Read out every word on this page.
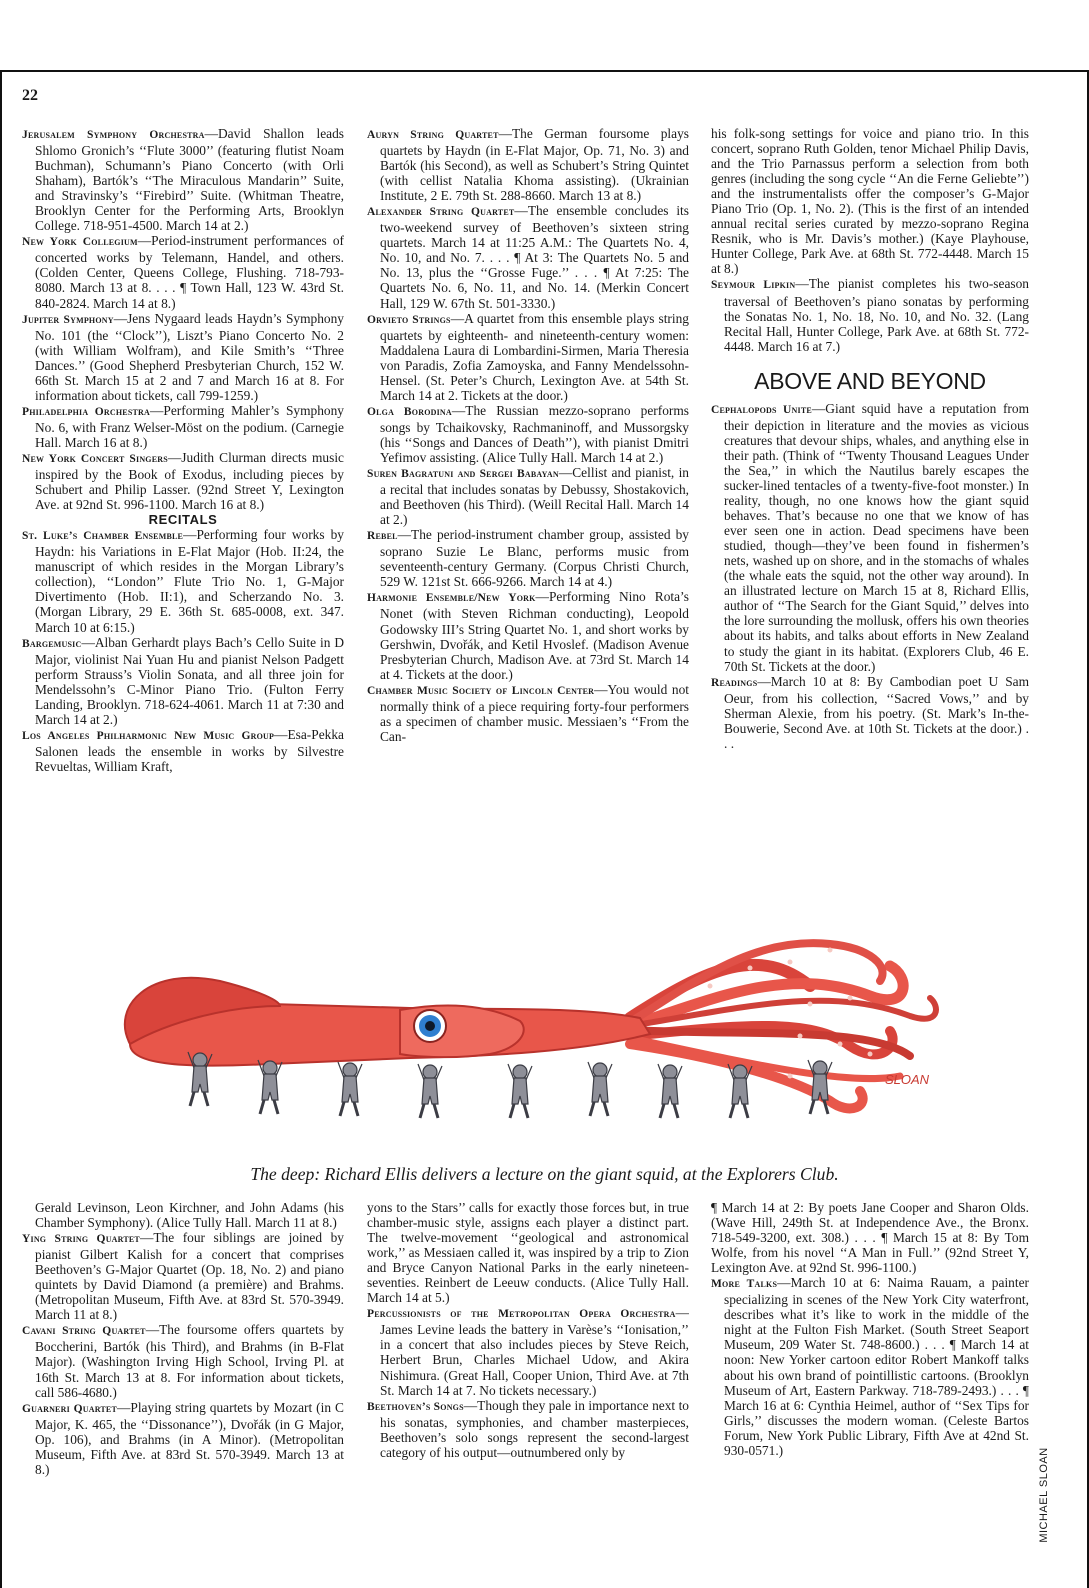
22

Jerusalem Symphony Orchestra—David Shallon leads Shlomo Gronich’s ‘‘Flute 3000’’ (featuring flutist Noam Buchman), Schumann’s Piano Concerto (with Orli Shaham), Bartók’s ‘‘The Miraculous Mandarin’’ Suite, and Stravinsky’s ‘‘Firebird’’ Suite. (Whitman Theatre, Brooklyn Center for the Performing Arts, Brooklyn College. 718-951-4500. March 14 at 2.)

New York Collegium—Period-instrument performances of concerted works by Telemann, Handel, and others. (Colden Center, Queens College, Flushing. 718-793-8080. March 13 at 8. . . . ¶ Town Hall, 123 W. 43rd St. 840-2824. March 14 at 8.)

Jupiter Symphony—Jens Nygaard leads Haydn’s Symphony No. 101 (the ‘‘Clock’’), Liszt’s Piano Concerto No. 2 (with William Wolfram), and Kile Smith’s ‘‘Three Dances.’’ (Good Shepherd Presbyterian Church, 152 W. 66th St. March 15 at 2 and 7 and March 16 at 8. For information about tickets, call 799-1259.)

Philadelphia Orchestra—Performing Mahler’s Symphony No. 6, with Franz Welser-Möst on the podium. (Carnegie Hall. March 16 at 8.)

New York Concert Singers—Judith Clurman directs music inspired by the Book of Exodus, including pieces by Schubert and Philip Lasser. (92nd Street Y, Lexington Ave. at 92nd St. 996-1100. March 16 at 8.)

RECITALS

St. Luke’s Chamber Ensemble—Performing four works by Haydn: his Variations in E-Flat Major (Hob. II:24, the manuscript of which resides in the Morgan Library’s collection), ‘‘London’’ Flute Trio No. 1, G-Major Divertimento (Hob. II:1), and Scherzando No. 3. (Morgan Library, 29 E. 36th St. 685-0008, ext. 347. March 10 at 6:15.)

Bargemusic—Alban Gerhardt plays Bach’s Cello Suite in D Major, violinist Nai Yuan Hu and pianist Nelson Padgett perform Strauss’s Violin Sonata, and all three join for Mendelssohn’s C-Minor Piano Trio. (Fulton Ferry Landing, Brooklyn. 718-624-4061. March 11 at 7:30 and March 14 at 2.)

Los Angeles Philharmonic New Music Group—Esa-Pekka Salonen leads the ensemble in works by Silvestre Revueltas, William Kraft,

Auryn String Quartet—The German foursome plays quartets by Haydn (in E-Flat Major, Op. 71, No. 3) and Bartók (his Second), as well as Schubert’s String Quintet (with cellist Natalia Khoma assisting). (Ukrainian Institute, 2 E. 79th St. 288-8660. March 13 at 8.)

Alexander String Quartet—The ensemble concludes its two-weekend survey of Beethoven’s sixteen string quartets. March 14 at 11:25 A.M.: The Quartets No. 4, No. 10, and No. 7. . . . ¶ At 3: The Quartets No. 5 and No. 13, plus the ‘‘Grosse Fuge.’’ . . . ¶ At 7:25: The Quartets No. 6, No. 11, and No. 14. (Merkin Concert Hall, 129 W. 67th St. 501-3330.)

Orvieto Strings—A quartet from this ensemble plays string quartets by eighteenth- and nineteenth-century women: Maddalena Laura di Lombardini-Sirmen, Maria Theresia von Paradis, Zofia Zamoyska, and Fanny Mendelssohn-Hensel. (St. Peter’s Church, Lexington Ave. at 54th St. March 14 at 2. Tickets at the door.)

Olga Borodina—The Russian mezzo-soprano performs songs by Tchaikovsky, Rachmaninoff, and Mussorgsky (his ‘‘Songs and Dances of Death’’), with pianist Dmitri Yefimov assisting. (Alice Tully Hall. March 14 at 2.)

Suren Bagratuni and Sergei Babayan—Cellist and pianist, in a recital that includes sonatas by Debussy, Shostakovich, and Beethoven (his Third). (Weill Recital Hall. March 14 at 2.)

Rebel—The period-instrument chamber group, assisted by soprano Suzie Le Blanc, performs music from seventeenth-century Germany. (Corpus Christi Church, 529 W. 121st St. 666-9266. March 14 at 4.)

Harmonie Ensemble/New York—Performing Nino Rota’s Nonet (with Steven Richman conducting), Leopold Godowsky III’s String Quartet No. 1, and short works by Gershwin, Dvořák, and Ketil Hvoslef. (Madison Avenue Presbyterian Church, Madison Ave. at 73rd St. March 14 at 4. Tickets at the door.)

Chamber Music Society of Lincoln Center—You would not normally think of a piece requiring forty-four performers as a specimen of chamber music. Messiaen’s ‘‘From the Can-

his folk-song settings for voice and piano trio. In this concert, soprano Ruth Golden, tenor Michael Philip Davis, and the Trio Parnassus perform a selection from both genres (including the song cycle ‘‘An die Ferne Geliebte’’) and the instrumentalists offer the composer’s G-Major Piano Trio (Op. 1, No. 2). (This is the first of an intended annual recital series curated by mezzo-soprano Regina Resnik, who is Mr. Davis’s mother.) (Kaye Playhouse, Hunter College, Park Ave. at 68th St. 772-4448. March 15 at 8.)

Seymour Lipkin—The pianist completes his two-season traversal of Beethoven’s piano sonatas by performing the Sonatas No. 1, No. 18, No. 10, and No. 32. (Lang Recital Hall, Hunter College, Park Ave. at 68th St. 772-4448. March 16 at 7.)

ABOVE AND BEYOND

Cephalopods Unite—Giant squid have a reputation from their depiction in literature and the movies as vicious creatures that devour ships, whales, and anything else in their path. (Think of ‘‘Twenty Thousand Leagues Under the Sea,’’ in which the Nautilus barely escapes the sucker-lined tentacles of a twenty-five-foot monster.) In reality, though, no one knows how the giant squid behaves. That’s because no one that we know of has ever seen one in action. Dead specimens have been studied, though—they’ve been found in fishermen’s nets, washed up on shore, and in the stomachs of whales (the whale eats the squid, not the other way around). In an illustrated lecture on March 15 at 8, Richard Ellis, author of ‘‘The Search for the Giant Squid,’’ delves into the lore surrounding the mollusk, offers his own theories about its habits, and talks about efforts in New Zealand to study the giant in its habitat. (Explorers Club, 46 E. 70th St. Tickets at the door.)

Readings—March 10 at 8: By Cambodian poet U Sam Oeur, from his collection, ‘‘Sacred Vows,’’ and by Sherman Alexie, from his poetry. (St. Mark’s In-the-Bouwerie, Second Ave. at 10th St. Tickets at the door.) . . .

SLOAN
The deep: Richard Ellis delivers a lecture on the giant squid, at the Explorers Club.

Gerald Levinson, Leon Kirchner, and John Adams (his Chamber Symphony). (Alice Tully Hall. March 11 at 8.)

Ying String Quartet—The four siblings are joined by pianist Gilbert Kalish for a concert that comprises Beethoven’s G-Major Quartet (Op. 18, No. 2) and piano quintets by David Diamond (a première) and Brahms. (Metropolitan Museum, Fifth Ave. at 83rd St. 570-3949. March 11 at 8.)

Cavani String Quartet—The foursome offers quartets by Boccherini, Bartók (his Third), and Brahms (in B-Flat Major). (Washington Irving High School, Irving Pl. at 16th St. March 13 at 8. For information about tickets, call 586-4680.)

Guarneri Quartet—Playing string quartets by Mozart (in C Major, K. 465, the ‘‘Dissonance’’), Dvořák (in G Major, Op. 106), and Brahms (in A Minor). (Metropolitan Museum, Fifth Ave. at 83rd St. 570-3949. March 13 at 8.)

yons to the Stars’’ calls for exactly those forces but, in true chamber-music style, assigns each player a distinct part. The twelve-movement ‘‘geological and astronomical work,’’ as Messiaen called it, was inspired by a trip to Zion and Bryce Canyon National Parks in the early nineteen-seventies. Reinbert de Leeuw conducts. (Alice Tully Hall. March 14 at 5.)

Percussionists of the Metropolitan Opera Orchestra—James Levine leads the battery in Varèse’s ‘‘Ionisation,’’ in a concert that also includes pieces by Steve Reich, Herbert Brun, Charles Michael Udow, and Akira Nishimura. (Great Hall, Cooper Union, Third Ave. at 7th St. March 14 at 7. No tickets necessary.)

Beethoven’s Songs—Though they pale in importance next to his sonatas, symphonies, and chamber masterpieces, Beethoven’s solo songs represent the second-largest category of his output—outnumbered only by

¶ March 14 at 2: By poets Jane Cooper and Sharon Olds. (Wave Hill, 249th St. at Independence Ave., the Bronx. 718-549-3200, ext. 308.) . . . ¶ March 15 at 8: By Tom Wolfe, from his novel ‘‘A Man in Full.’’ (92nd Street Y, Lexington Ave. at 92nd St. 996-1100.)

More Talks—March 10 at 6: Naima Rauam, a painter specializing in scenes of the New York City waterfront, describes what it’s like to work in the middle of the night at the Fulton Fish Market. (South Street Seaport Museum, 209 Water St. 748-8600.) . . . ¶ March 14 at noon: New Yorker cartoon editor Robert Mankoff talks about his own brand of pointillistic cartoons. (Brooklyn Museum of Art, Eastern Parkway. 718-789-2493.) . . . ¶ March 16 at 6: Cynthia Heimel, author of ‘‘Sex Tips for Girls,’’ discusses the modern woman. (Celeste Bartos Forum, New York Public Library, Fifth Ave at 42nd St. 930-0571.)	MICHAEL SLOAN
